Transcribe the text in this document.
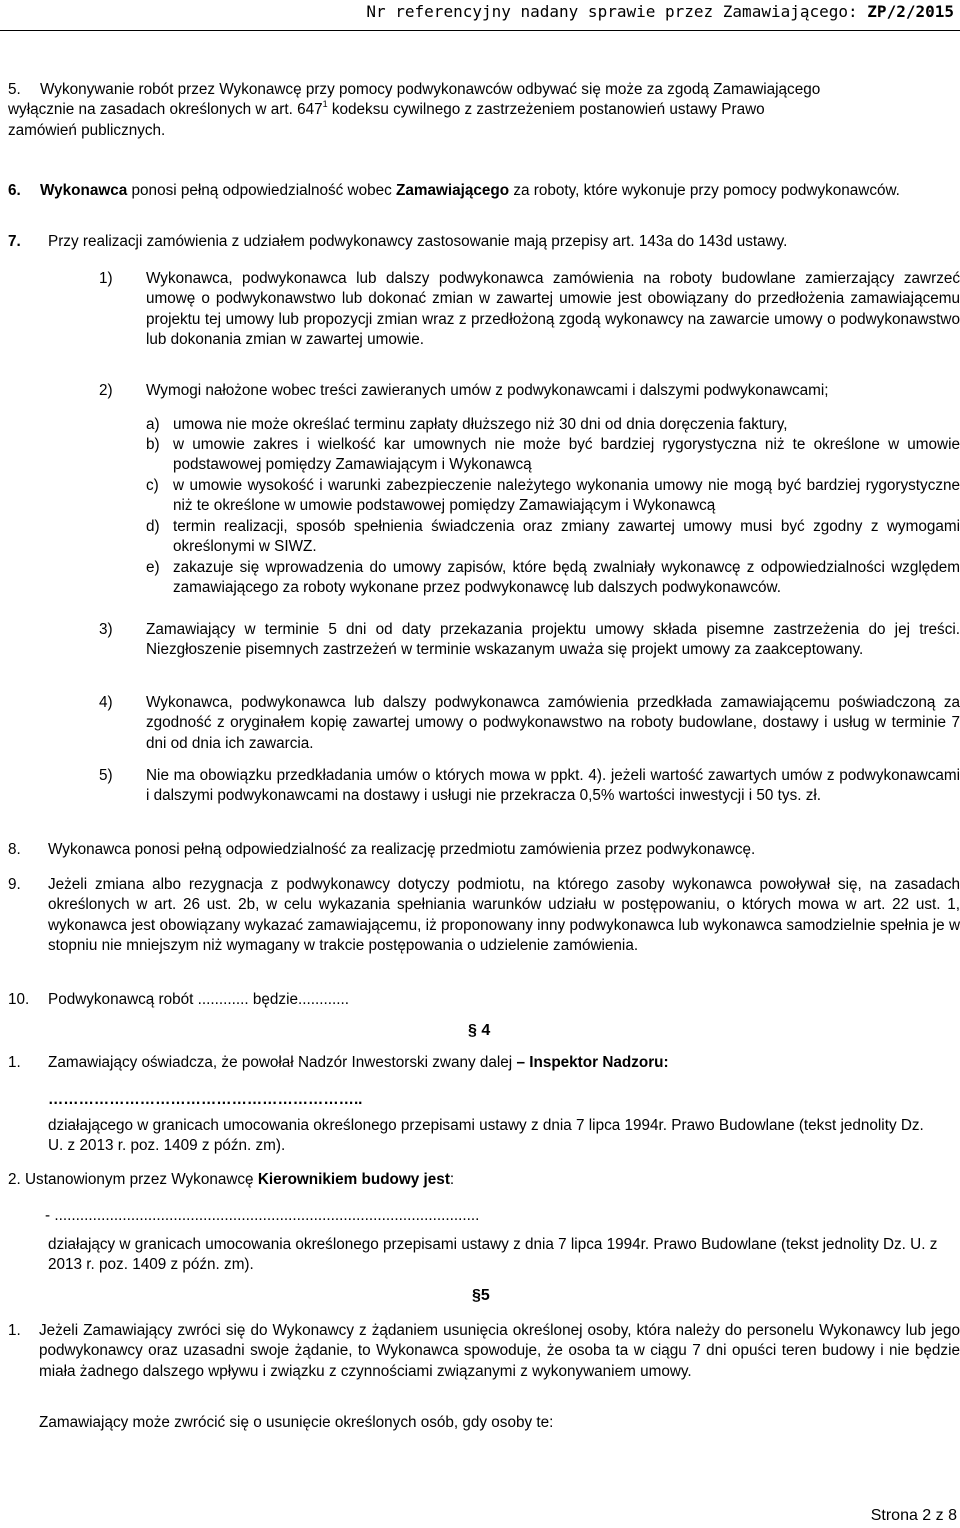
Nr referencyjny nadany sprawie przez Zamawiającego: ZP/2/2015
5. Wykonywanie robót przez Wykonawcę przy pomocy podwykonawców odbywać się może za zgodą Zamawiającego
wyłącznie na zasadach określonych w art. $647^1$ kodeksu cywilnego z zastrzeżeniem postanowień ustawy Prawo
zamówień publicznych.
6. Wykonawca ponosi pełną odpowiedzialność wobec Zamawiającego za roboty, które wykonuje przy pomocy podwykonawców.
7. Przy realizacji zamówienia z udziałem podwykonawcy zastosowanie mają przepisy art. 143a do 143d ustawy.
1) Wykonawca, podwykonawca lub dalszy podwykonawca zamówienia na roboty budowlane zamierzający zawrzeć umowę o podwykonawstwo lub dokonać zmian w zawartej umowie jest obowiązany do przedłożenia zamawiającemu projektu tej umowy lub propozycji zmian wraz z przedłożoną zgodą wykonawcy na zawarcie umowy o podwykonawstwo lub dokonania zmian w zawartej umowie.
2) Wymogi nałożone wobec treści zawieranych umów z podwykonawcami i dalszymi podwykonawcami;
a) umowa nie może określać terminu zapłaty dłuższego niż 30 dni od dnia doręczenia faktury,
b) w umowie zakres i wielkość kar umownych nie może być bardziej rygorystyczna niż te określone w umowie podstawowej pomiędzy Zamawiającym i Wykonawcą
c) w umowie wysokość i warunki zabezpieczenie należytego wykonania umowy nie mogą być bardziej rygorystyczne niż te określone w umowie podstawowej pomiędzy Zamawiającym i Wykonawcą
d) termin realizacji, sposób spełnienia świadczenia oraz zmiany zawartej umowy musi być zgodny z wymogami określonymi w SIWZ.
e) zakazuje się wprowadzenia do umowy zapisów, które będą zwalniały wykonawcę z odpowiedzialności względem zamawiającego za roboty wykonane przez podwykonawcę lub dalszych podwykonawców.
3) Zamawiający w terminie 5 dni od daty przekazania projektu umowy składa pisemne zastrzeżenia do jej treści. Niezgłoszenie pisemnych zastrzeżeń w terminie wskazanym uważa się projekt umowy za zaakceptowany.
4) Wykonawca, podwykonawca lub dalszy podwykonawca zamówienia przedkłada zamawiającemu poświadczoną za zgodność z oryginałem kopię zawartej umowy o podwykonawstwo na roboty budowlane, dostawy i usług w terminie 7 dni od dnia ich zawarcia.
5) Nie ma obowiązku przedkładania umów o których mowa w ppkt. 4). jeżeli wartość zawartych umów z podwykonawcami i dalszymi podwykonawcami na dostawy i usługi nie przekracza 0,5% wartości inwestycji i 50 tys. zł.
8. Wykonawca ponosi pełną odpowiedzialność za realizację przedmiotu zamówienia przez podwykonawcę.
9. Jeżeli zmiana albo rezygnacja z podwykonawcy dotyczy podmiotu, na którego zasoby wykonawca powoływał się, na zasadach określonych w art. 26 ust. 2b, w celu wykazania spełniania warunków udziału w postępowaniu, o których mowa w art. 22 ust. 1, wykonawca jest obowiązany wykazać zamawiającemu, iż proponowany inny podwykonawca lub wykonawca samodzielnie spełnia je w stopniu nie mniejszym niż wymagany w trakcie postępowania o udzielenie zamówienia.
10. Podwykonawcą robót ............ będzie............
§ 4
1. Zamawiający oświadcza, że powołał Nadzór Inwestorski zwany dalej – Inspektor Nadzoru:
……………………………………………………..
działającego w granicach umocowania określonego przepisami ustawy z dnia 7 lipca 1994r. Prawo Budowlane (tekst jednolity Dz. U. z 2013 r. poz. 1409 z późn. zm).
2. Ustanowionym przez Wykonawcę Kierownikiem budowy jest:
- ....................................................................................................
działający w granicach umocowania określonego przepisami ustawy z dnia 7 lipca 1994r. Prawo Budowlane (tekst jednolity Dz. U. z 2013 r. poz. 1409 z późn. zm).
§5
1. Jeżeli Zamawiający zwróci się do Wykonawcy z żądaniem usunięcia określonej osoby, która należy do personelu Wykonawcy lub jego podwykonawcy oraz uzasadni swoje żądanie, to Wykonawca spowoduje, że osoba ta w ciągu 7 dni opuści teren budowy i nie będzie miała żadnego dalszego wpływu i związku z czynnościami związanymi z wykonywaniem umowy.
Zamawiający może zwrócić się o usunięcie określonych osób, gdy osoby te:
Strona 2 z 8
